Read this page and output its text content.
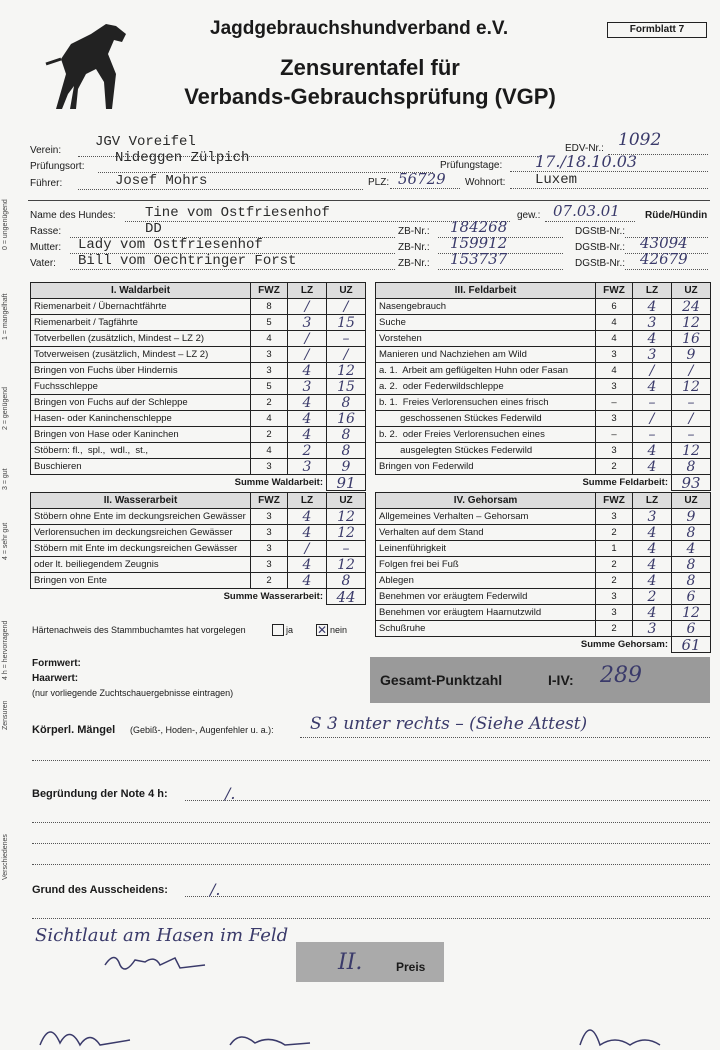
Jagdgebrauchshundverband e.V.	Formblatt 7
Zensurentafel für
Verbands-Gebrauchsprüfung (VGP)
Verein:
JGV Voreifel	EDV-Nr.: 1092
Prüfungsort:
Nideggen Zülpich	Prüfungstage: 17./18.10.03
Führer:	Josef Mohrs	PLZ: 56729 Wohnort: Luxem
Name des Hundes: Tine vom Ostfriesenhof	gew.: 07.03.01	Rüde/Hündin
Rasse:	DD	ZB-Nr.: 184268	DGStB-Nr.:
Mutter: Lady vom Ostfriesenhof	ZB-Nr.: 159912	DGStB-Nr.: 43094
Vater: Bill vom Oechtringer Forst	ZB-Nr.: 153737	DGStB-Nr.: 42679
I. Waldarbeit	FWZ	LZ	UZ
Riemenarbeit / Übernachtfährte	8	/	/
Riemenarbeit / Tagfährte	5	3	15
Totverbellen (zusätzlich, Mindest – LZ 2)	4	/	–
Totverweisen (zusätzlich, Mindest – LZ 2)	3	/	/
Bringen von Fuchs über Hindernis	3	4	12
Fuchsschleppe	5	3	15
Bringen von Fuchs auf der Schleppe	2	4	8
Hasen- oder Kaninchenschleppe	4	4	16
Bringen von Hase oder Kaninchen	2	4	8
Stöbern: fl.,  spl.,  wdl.,  st.,	4	2	8
Buschieren	3	3	9
Summe Waldarbeit:			91
II. Wasserarbeit	FWZ	LZ	UZ
Stöbern ohne Ente im deckungsreichen Gewässer	3	4	12
Verlorensuchen im deckungsreichen Gewässer	3	4	12
Stöbern mit Ente im deckungsreichen Gewässer	3	/	–
oder lt. beiliegendem Zeugnis	3	4	12
Bringen von Ente	2	4	8
Summe Wasserarbeit:			44
III. Feldarbeit	FWZ	LZ	UZ
Nasengebrauch	6	4	24
Suche	4	3	12
Vorstehen	4	4	16
Manieren und Nachziehen am Wild	3	3	9
a. 1.  Arbeit am geflügelten Huhn oder Fasan	4	/	/
a. 2.  oder Federwildschleppe	3	4	12
b. 1.  Freies Verlorensuchen eines frisch	–	–	–
geschossenen Stückes Federwild	3	/	/
b. 2.  oder Freies Verlorensuchen eines	–	–	–
ausgelegten Stückes Federwild	3	4	12
Bringen von Federwild	2	4	8
Summe Feldarbeit:			93
IV. Gehorsam	FWZ	LZ	UZ
Allgemeines Verhalten – Gehorsam	3	3	9
Verhalten auf dem Stand	2	4	8
Leinenführigkeit	1	4	4
Folgen frei bei Fuß	2	4	8
Ablegen	2	4	8
Benehmen vor eräugtem Federwild	3	2	6
Benehmen vor eräugtem Haarnutzwild	3	4	12
Schußruhe	2	3	6
Summe Gehorsam:			61
Härtenachweis des Stammbuchamtes hat vorgelegen	ja ✕ nein
Formwert:
Haarwert:
(nur vorliegende Zuchtschauergebnisse eintragen)
Gesamt-Punktzahl	I-IV: 289
Körperl. Mängel (Gebiß-, Hoden-, Augenfehler u. a.): S 3 unter rechts – (Siehe Attest)
Begründung der Note 4 h:	/.
Grund des Ausscheidens:	/.
Sichtlaut am Hasen im Feld
II.	Preis
0 = ungenügend
1 = mangelhaft
2 = genügend
3 = gut
4 = sehr gut
4 h = hervorragend
Zensuren
Verschiedenes
